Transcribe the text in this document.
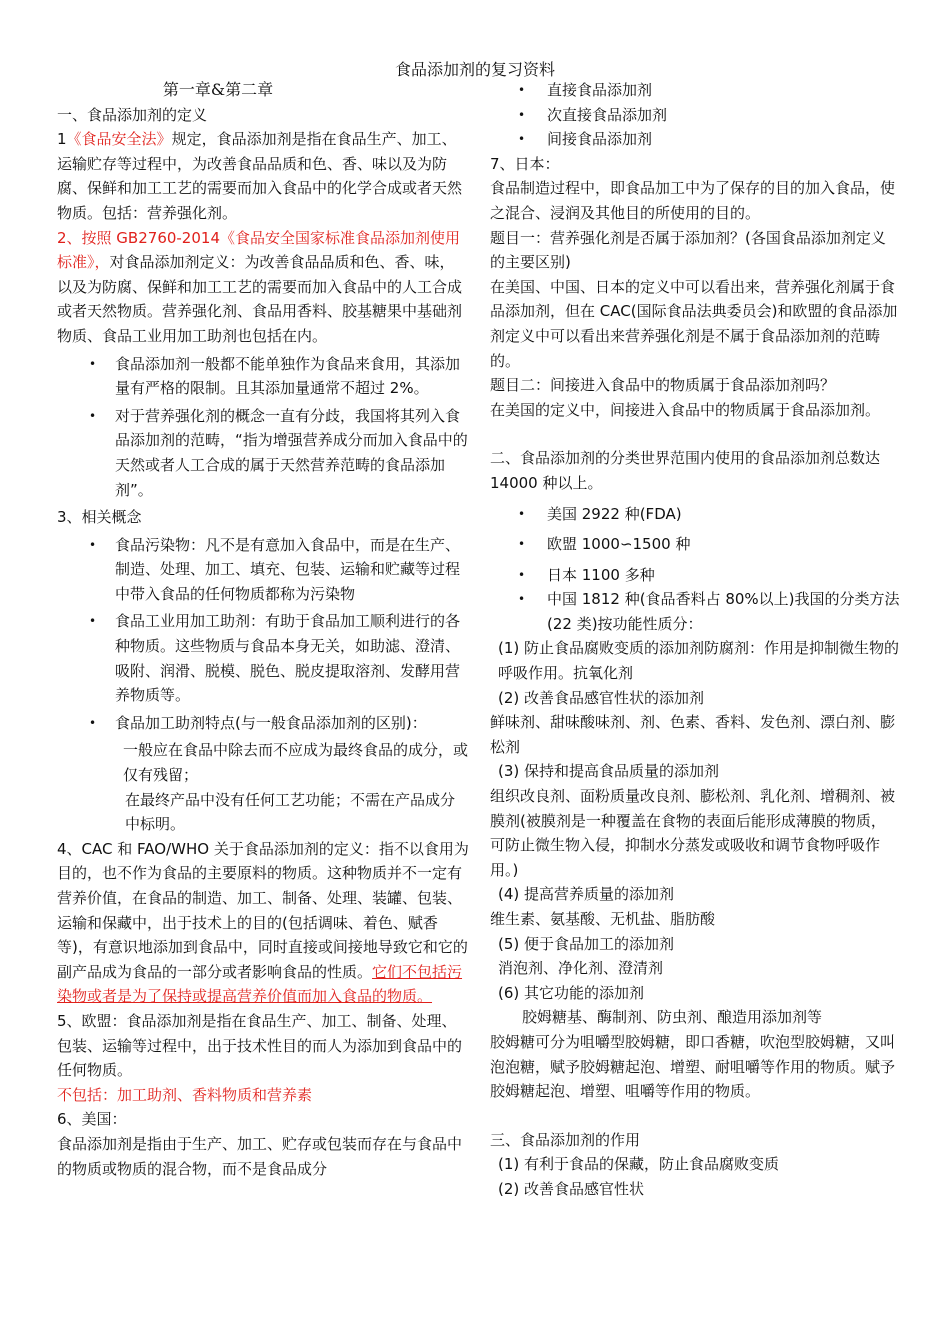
食品添加剂的复习资料

第一章&第二章

一、食品添加剂的定义

1《食品安全法》规定，食品添加剂是指在食品生产、加工、运输贮存等过程中，为改善食品品质和色、香、味以及为防腐、保鲜和加工工艺的需要而加入食品中的化学合成或者天然物质。包括：营养强化剂。

2、按照 GB2760-2014《食品安全国家标准食品添加剂使用标准》，对食品添加剂定义：为改善食品品质和色、香、味，以及为防腐、保鲜和加工工艺的需要而加入食品中的人工合成或者天然物质。营养强化剂、食品用香料、胶基糖果中基础剂物质、食品工业用加工助剂也包括在内。

• 食品添加剂一般都不能单独作为食品来食用，其添加量有严格的限制。且其添加量通常不超过 2%。
• 对于营养强化剂的概念一直有分歧，我国将其列入食品添加剂的范畴，“指为增强营养成分而加入食品中的天然或者人工合成的属于天然营养范畴的食品添加剂”。

3、相关概念

• 食品污染物：凡不是有意加入食品中，而是在生产、制造、处理、加工、填充、包装、运输和贮藏等过程中带入食品的任何物质都称为污染物
• 食品工业用加工助剂：有助于食品加工顺利进行的各种物质。这些物质与食品本身无关，如助滤、澄清、吸附、润滑、脱模、脱色、脱皮提取溶剂、发酵用营养物质等。
• 食品加工助剂特点(与一般食品添加剂的区别)：

一般应在食品中除去而不应成为最终食品的成分，或仅有残留；

在最终产品中没有任何工艺功能；不需在产品成分中标明。

4、CAC 和 FAO/WHO 关于食品添加剂的定义：指不以食用为目的，也不作为食品的主要原料的物质。这种物质并不一定有营养价值，在食品的制造、加工、制备、处理、装罐、包装、运输和保藏中，出于技术上的目的(包括调味、着色、赋香等)，有意识地添加到食品中，同时直接或间接地导致它和它的副产品成为食品的一部分或者影响食品的性质。它们不包括污染物或者是为了保持或提高营养价值而加入食品的物质。

5、欧盟：食品添加剂是指在食品生产、加工、制备、处理、包装、运输等过程中，出于技术性目的而人为添加到食品中的任何物质。

不包括：加工助剂、香料物质和营养素

6、美国：

食品添加剂是指由于生产、加工、贮存或包装而存在与食品中的物质或物质的混合物，而不是食品成分

• 直接食品添加剂
• 次直接食品添加剂
• 间接食品添加剂

7、日本：

食品制造过程中，即食品加工中为了保存的目的加入食品，使之混合、浸润及其他目的所使用的目的。

题目一：营养强化剂是否属于添加剂？(各国食品添加剂定义的主要区别)

在美国、中国、日本的定义中可以看出来，营养强化剂属于食品添加剂，但在 CAC(国际食品法典委员会)和欧盟的食品添加剂定义中可以看出来营养强化剂是不属于食品添加剂的范畴的。

题目二：间接进入食品中的物质属于食品添加剂吗？

在美国的定义中，间接进入食品中的物质属于食品添加剂。

二、食品添加剂的分类世界范围内使用的食品添加剂总数达 14000 种以上。

• 美国 2922 种(FDA)
• 欧盟 1000∽1500 种
• 日本 1100 多种
• 中国 1812 种(食品香料占 80%以上)我国的分类方法(22 类)按功能性质分：

(1) 防止食品腐败变质的添加剂防腐剂：作用是抑制微生物的呼吸作用。抗氧化剂

(2) 改善食品感官性状的添加剂

鲜味剂、甜味酸味剂、剂、色素、香料、发色剂、漂白剂、膨松剂

(3) 保持和提高食品质量的添加剂

组织改良剂、面粉质量改良剂、膨松剂、乳化剂、增稠剂、被膜剂(被膜剂是一种覆盖在食物的表面后能形成薄膜的物质，可防止微生物入侵，抑制水分蒸发或吸收和调节食物呼吸作用。)

(4) 提高营养质量的添加剂

维生素、氨基酸、无机盐、脂肪酸

(5) 便于食品加工的添加剂

消泡剂、净化剂、澄清剂

(6) 其它功能的添加剂

胶姆糖基、酶制剂、防虫剂、酿造用添加剂等

胶姆糖可分为咀嚼型胶姆糖，即口香糖，吹泡型胶姆糖，又叫泡泡糖，赋予胶姆糖起泡、增塑、耐咀嚼等作用的物质。赋予胶姆糖起泡、增塑、咀嚼等作用的物质。

三、食品添加剂的作用

(1) 有利于食品的保藏，防止食品腐败变质

(2) 改善食品感官性状
